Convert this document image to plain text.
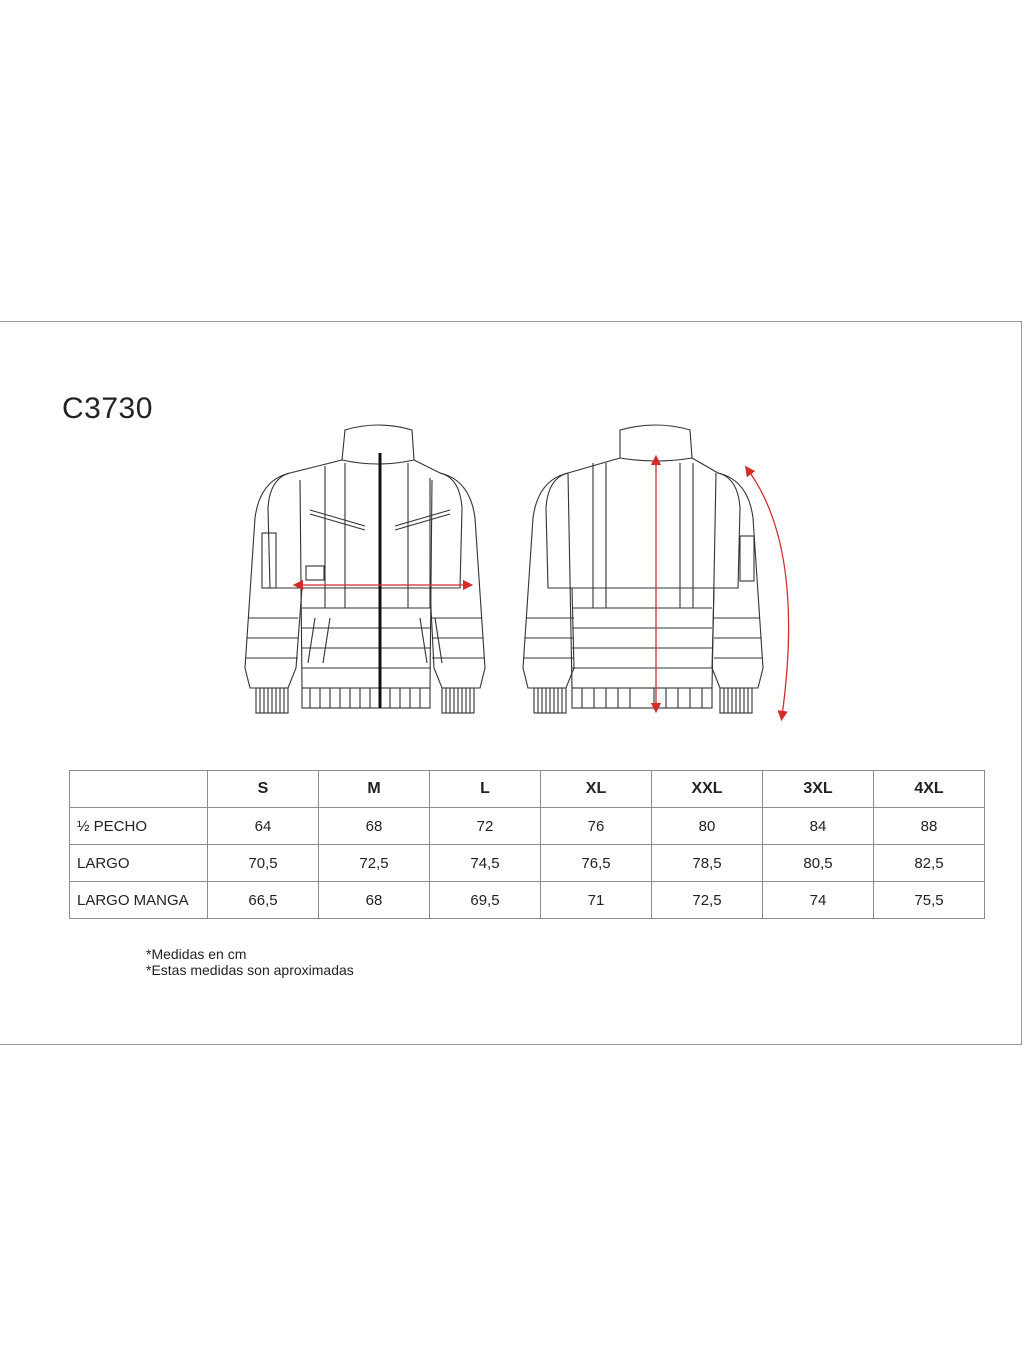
C3730
	S	M	L	XL	XXL	3XL	4XL
½ PECHO	64	68	72	76	80	84	88
LARGO	70,5	72,5	74,5	76,5	78,5	80,5	82,5
LARGO MANGA	66,5	68	69,5	71	72,5	74	75,5
*Medidas en cm
*Estas medidas son aproximadas
